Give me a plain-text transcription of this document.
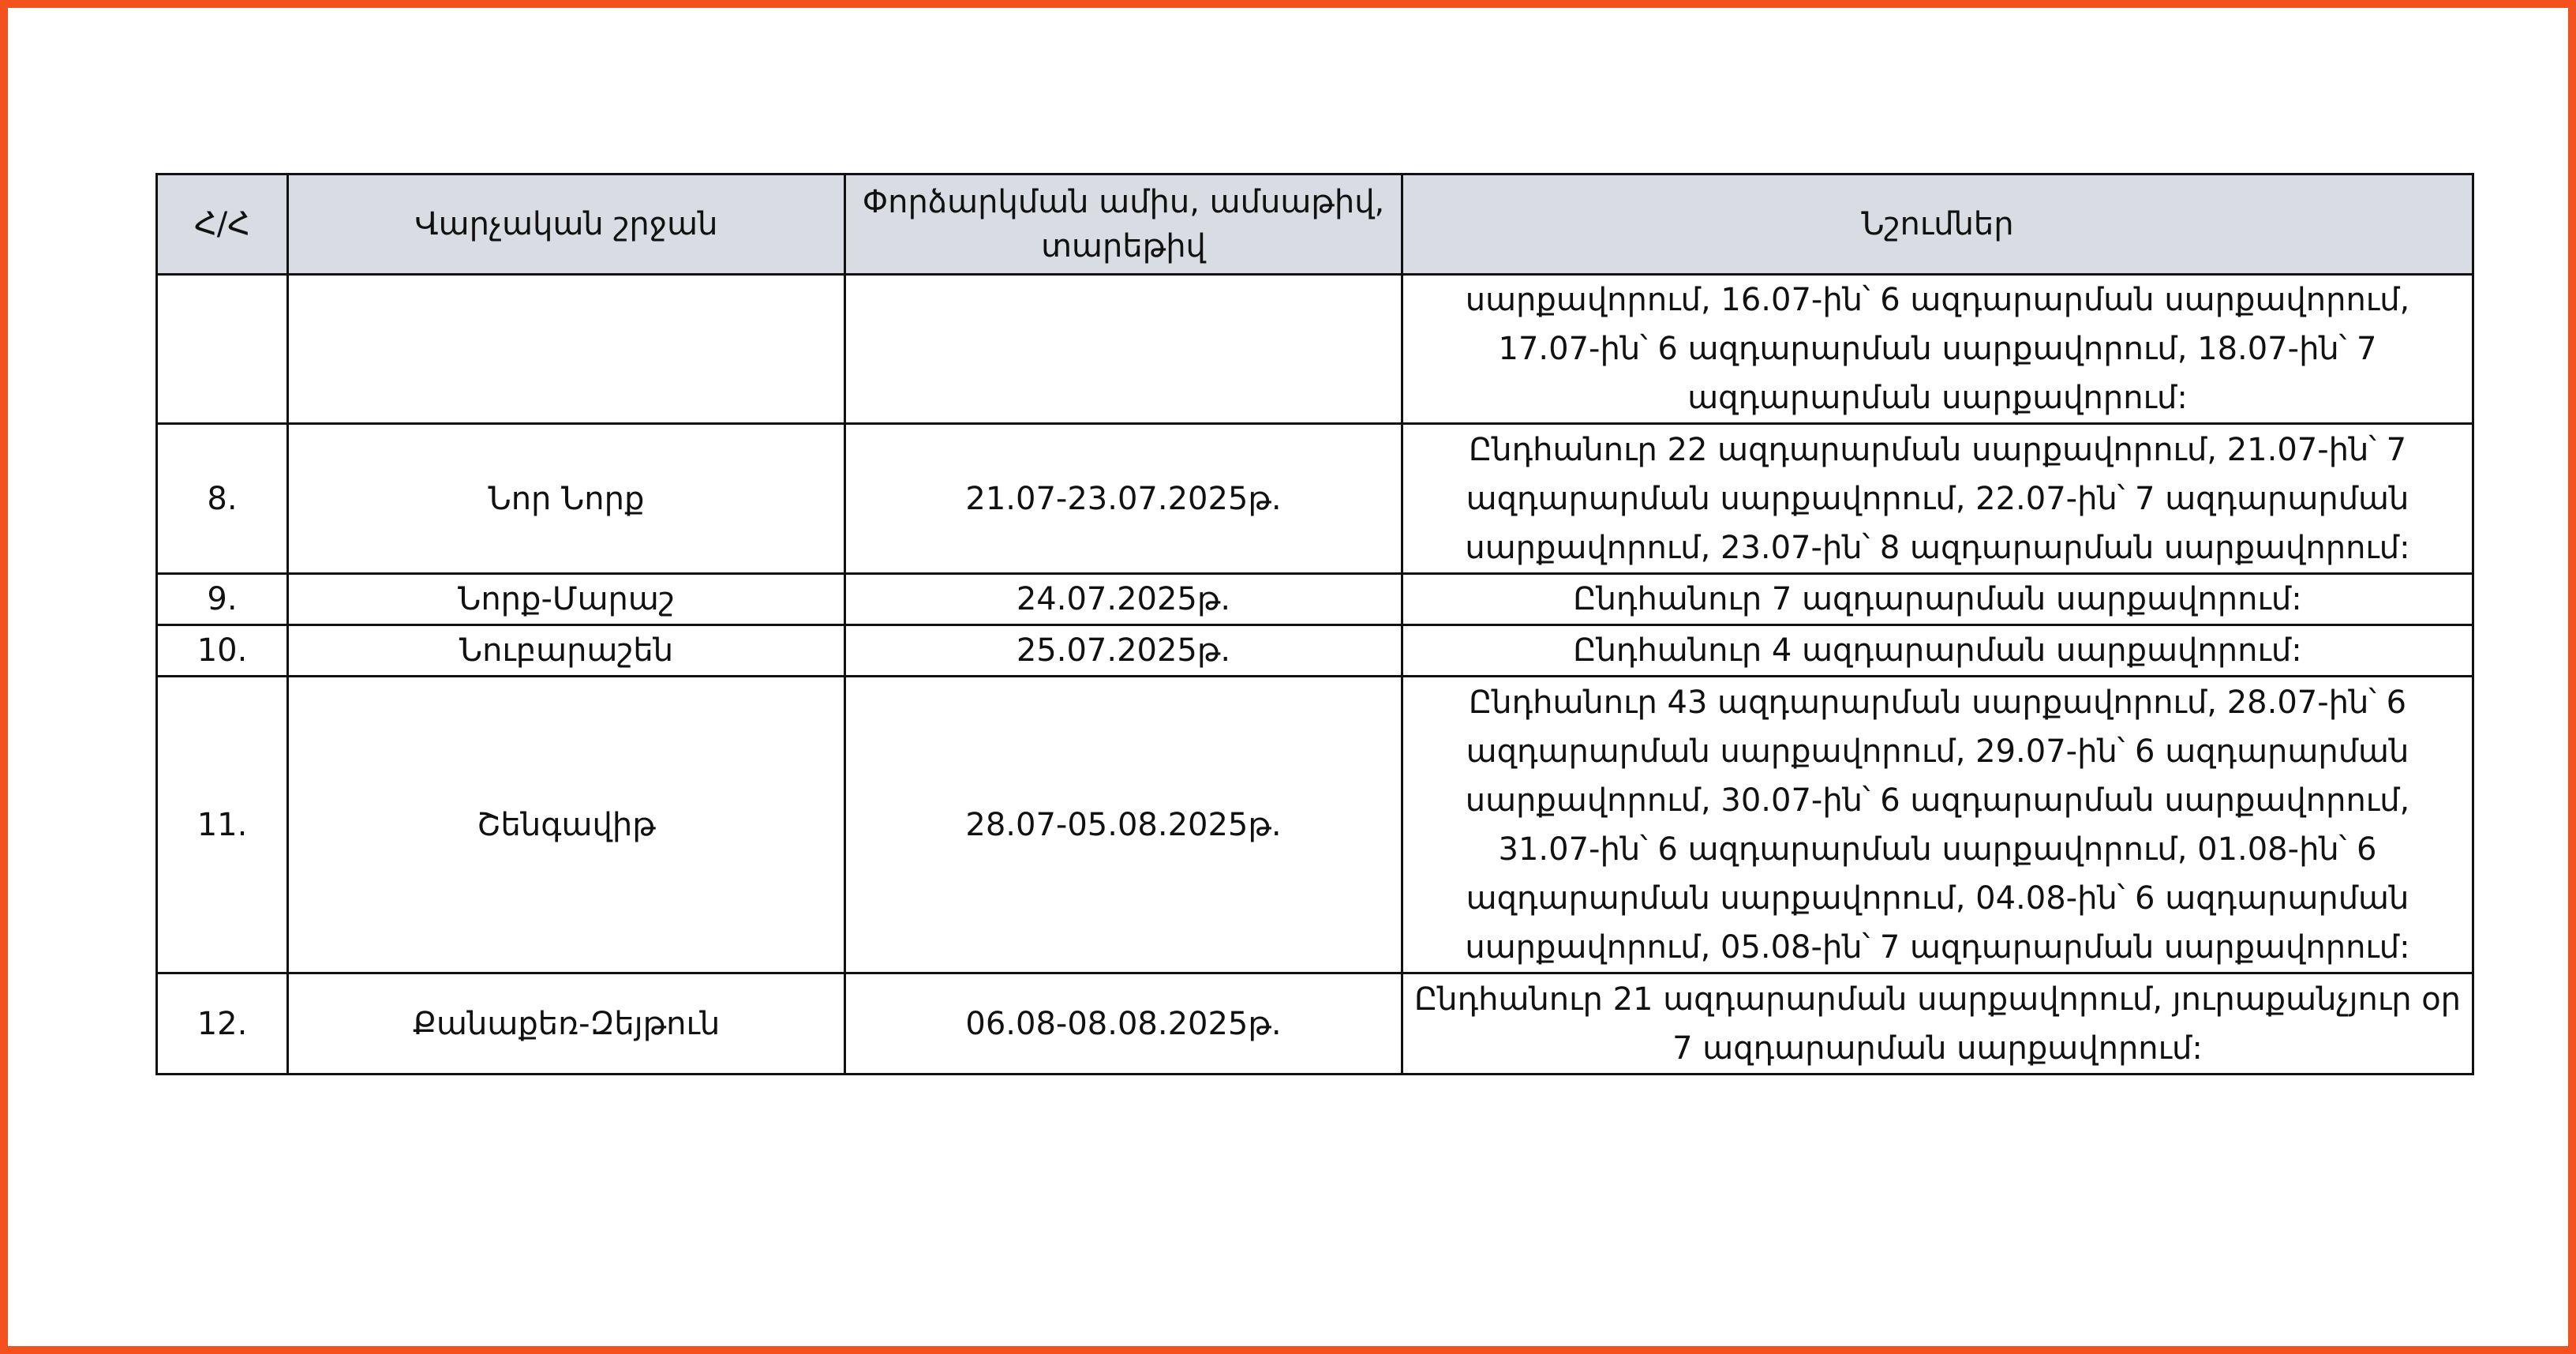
Հ/Հ	Վարչական շրջան	Փորձարկման ամիս, ամսաթիվ, տարեթիվ	Նշումներ
			սարքավորում, 16.07-ին՝ 6 ազդարարման սարքավորում, 17.07-ին՝ 6 ազդարարման սարքավորում, 18.07-ին՝ 7 ազդարարման սարքավորում:
8.	Նոր Նորք	21.07-23.07.2025թ.	Ընդհանուր 22 ազդարարման սարքավորում, 21.07-ին՝ 7 ազդարարման սարքավորում, 22.07-ին՝ 7 ազդարարման սարքավորում, 23.07-ին՝ 8 ազդարարման սարքավորում:
9.	Նորք-Մարաշ	24.07.2025թ.	Ընդհանուր 7 ազդարարման սարքավորում:
10.	Նուբարաշեն	25.07.2025թ.	Ընդհանուր 4 ազդարարման սարքավորում:
11.	Շենգավիթ	28.07-05.08.2025թ.	Ընդհանուր 43 ազդարարման սարքավորում, 28.07-ին՝ 6 ազդարարման սարքավորում, 29.07-ին՝ 6 ազդարարման սարքավորում, 30.07-ին՝ 6 ազդարարման սարքավորում, 31.07-ին՝ 6 ազդարարման սարքավորում, 01.08-ին՝ 6 ազդարարման սարքավորում, 04.08-ին՝ 6 ազդարարման սարքավորում, 05.08-ին՝ 7 ազդարարման սարքավորում:
12.	Քանաքեռ-Զեյթուն	06.08-08.08.2025թ.	Ընդհանուր 21 ազդարարման սարքավորում, յուրաքանչյուր օր 7 ազդարարման սարքավորում:
